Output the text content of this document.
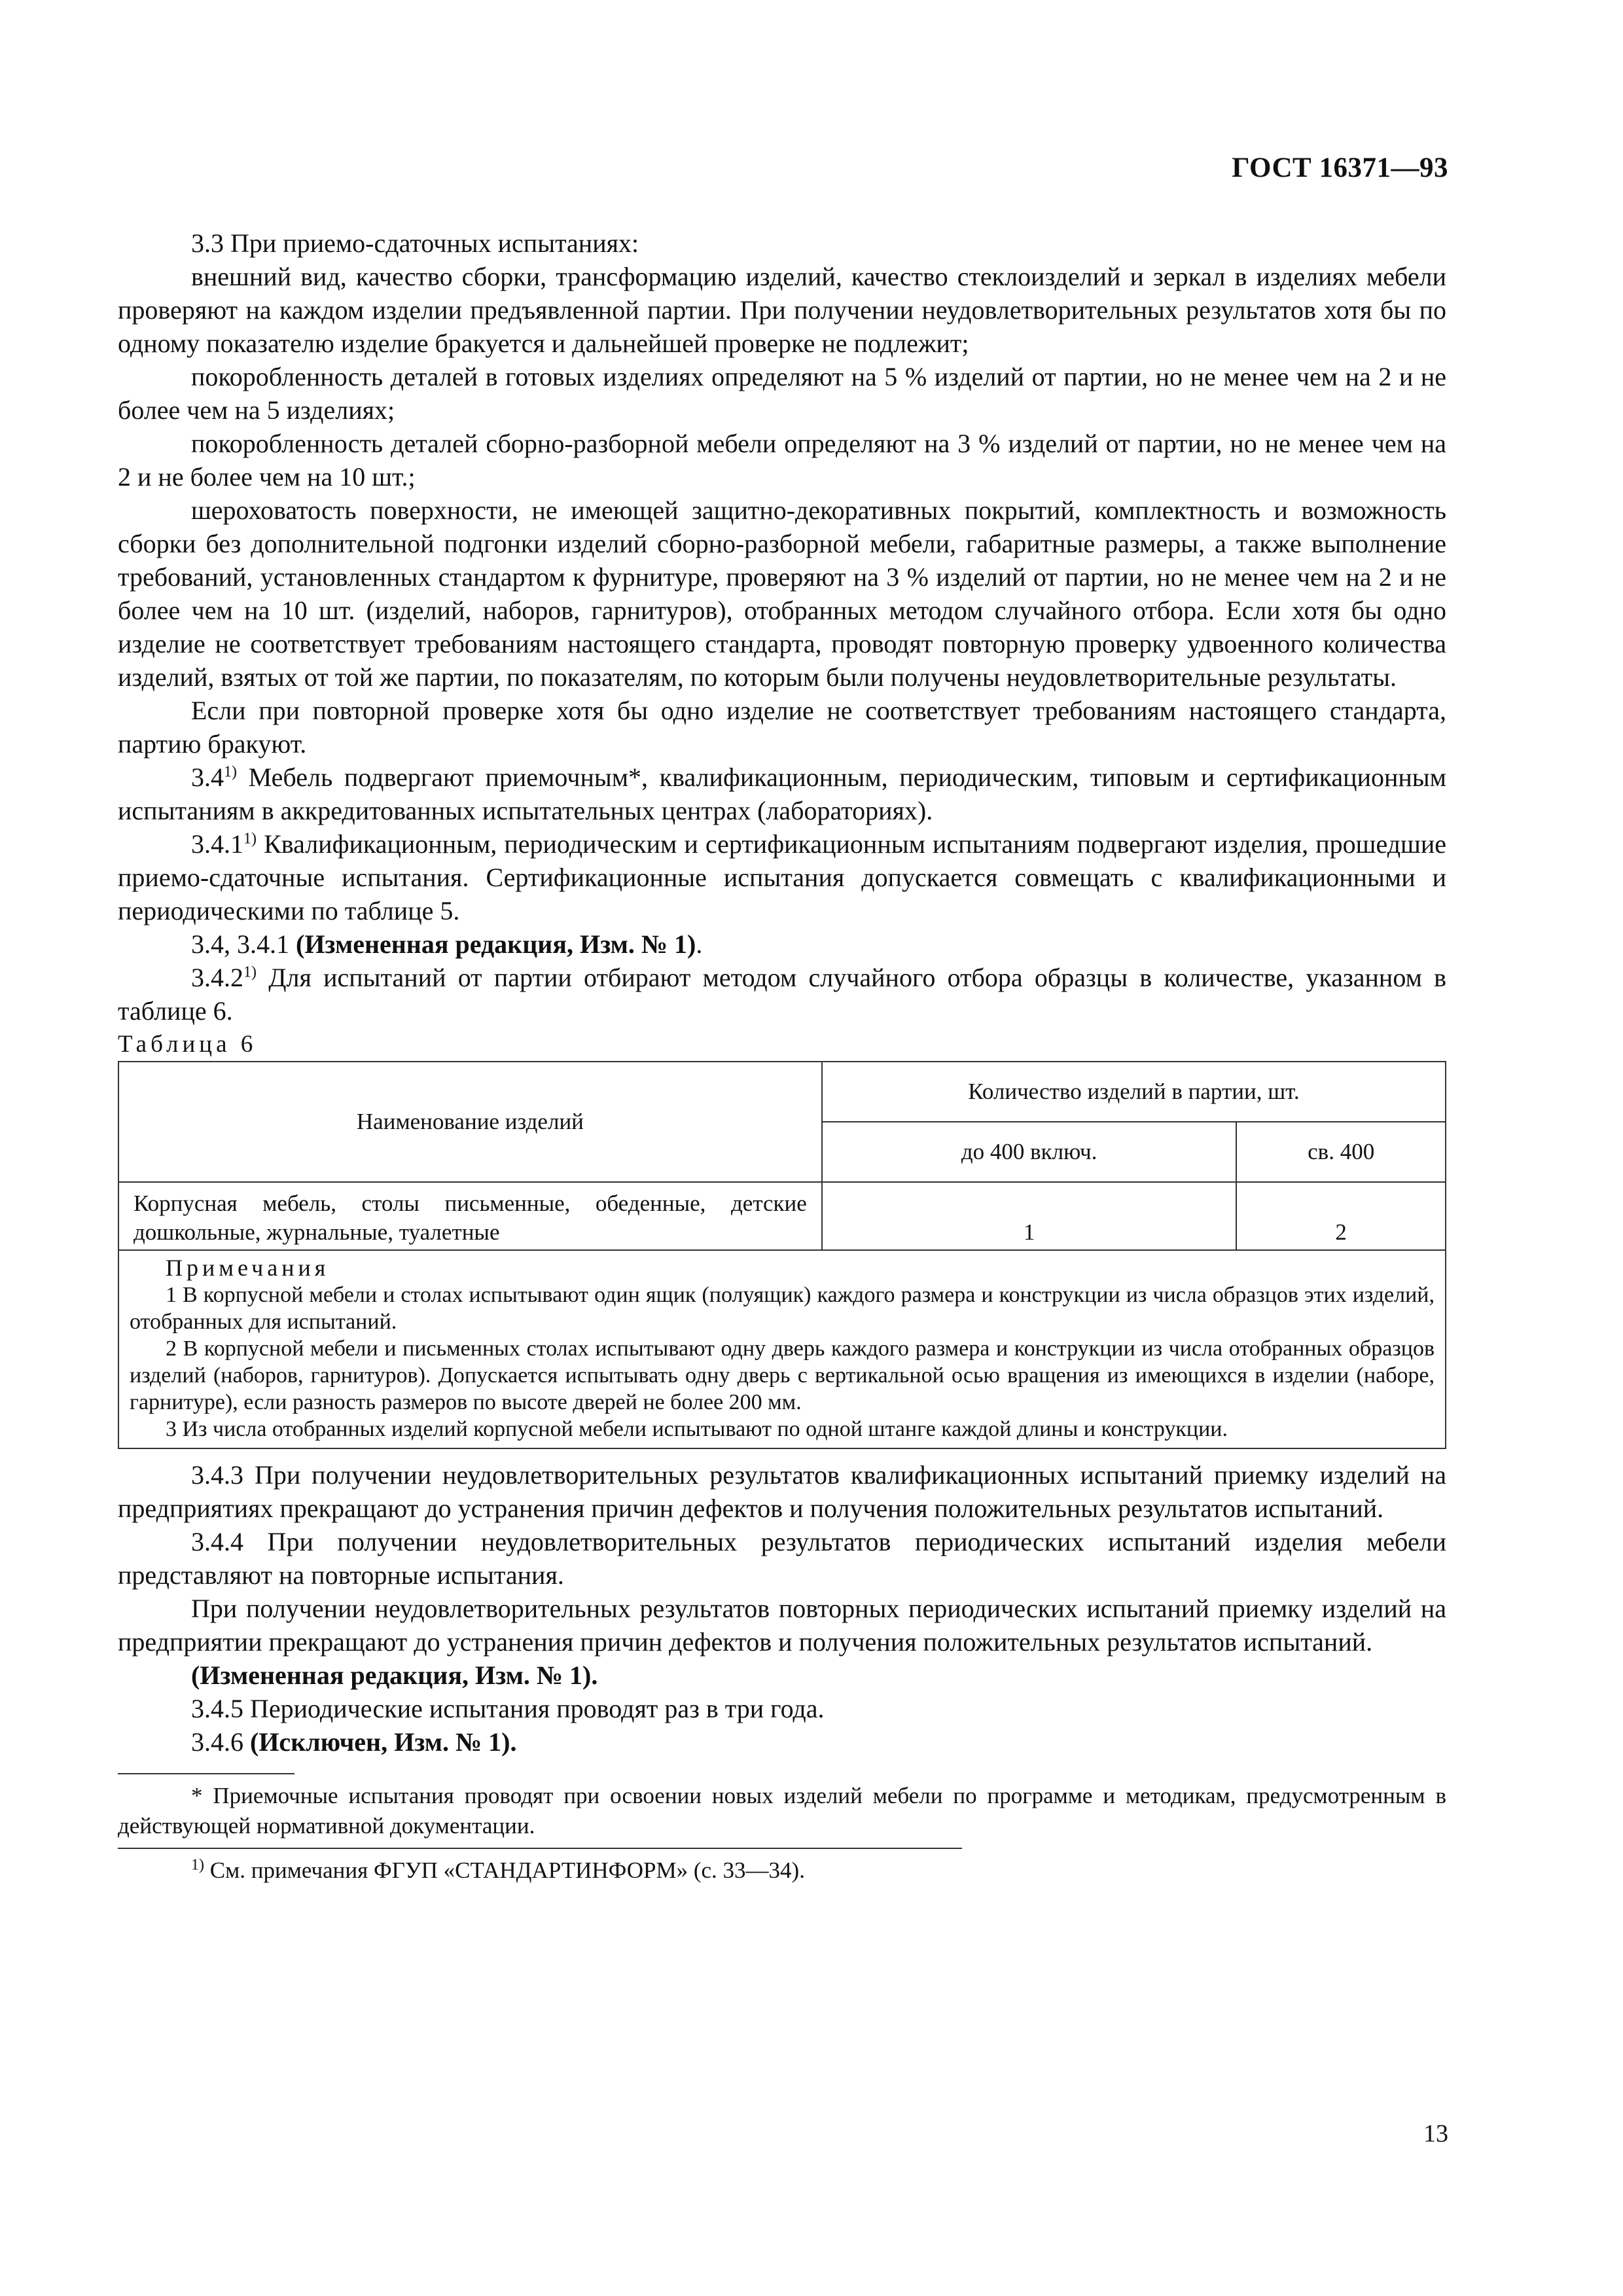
ГОСТ 16371—93

3.3 При приемо-сдаточных испытаниях:

внешний вид, качество сборки, трансформацию изделий, качество стеклоизделий и зеркал в изделиях мебели проверяют на каждом изделии предъявленной партии. При получении неудовлетворительных результатов хотя бы по одному показателю изделие бракуется и дальнейшей проверке не подлежит;

покоробленность деталей в готовых изделиях определяют на 5 % изделий от партии, но не менее чем на 2 и не более чем на 5 изделиях;

покоробленность деталей сборно-разборной мебели определяют на 3 % изделий от партии, но не менее чем на 2 и не более чем на 10 шт.;

шероховатость поверхности, не имеющей защитно-декоративных покрытий, комплектность и возможность сборки без дополнительной подгонки изделий сборно-разборной мебели, габаритные размеры, а также выполнение требований, установленных стандартом к фурнитуре, проверяют на 3 % изделий от партии, но не менее чем на 2 и не более чем на 10 шт. (изделий, наборов, гарнитуров), отобранных методом случайного отбора. Если хотя бы одно изделие не соответствует требованиям настоящего стандарта, проводят повторную проверку удвоенного количества изделий, взятых от той же партии, по показателям, по которым были получены неудовлетворительные результаты.

Если при повторной проверке хотя бы одно изделие не соответствует требованиям настоящего стандарта, партию бракуют.

3.4$^{1)}$ Мебель подвергают приемочным*, квалификационным, периодическим, типовым и сертификационным испытаниям в аккредитованных испытательных центрах (лабораториях).

3.4.1$^{1)}$ Квалификационным, периодическим и сертификационным испытаниям подвергают изделия, прошедшие приемо-сдаточные испытания. Сертификационные испытания допускается совмещать с квалификационными и периодическими по таблице 5.

3.4, 3.4.1 (Измененная редакция, Изм. № 1).

3.4.2$^{1)}$ Для испытаний от партии отбирают методом случайного отбора образцы в количестве, указанном в таблице 6.

Таблица 6

Наименование изделий	Количество изделий в партии, шт.	
	до 400 включ.	св. 400
Корпусная мебель, столы письменные, обеденные, детские дошкольные, журнальные, туалетные	1	2

Примечания

1 В корпусной мебели и столах испытывают один ящик (полуящик) каждого размера и конструкции из числа образцов этих изделий, отобранных для испытаний.

2 В корпусной мебели и письменных столах испытывают одну дверь каждого размера и конструкции из числа отобранных образцов изделий (наборов, гарнитуров). Допускается испытывать одну дверь с вертикальной осью вращения из имеющихся в изделии (наборе, гарнитуре), если разность размеров по высоте дверей не более 200 мм.

3 Из числа отобранных изделий корпусной мебели испытывают по одной штанге каждой длины и конструкции.		

3.4.3 При получении неудовлетворительных результатов квалификационных испытаний приемку изделий на предприятиях прекращают до устранения причин дефектов и получения положительных результатов испытаний.

3.4.4 При получении неудовлетворительных результатов периодических испытаний изделия мебели представляют на повторные испытания.

При получении неудовлетворительных результатов повторных периодических испытаний приемку изделий на предприятии прекращают до устранения причин дефектов и получения положительных результатов испытаний.

(Измененная редакция, Изм. № 1).

3.4.5 Периодические испытания проводят раз в три года.

3.4.6 (Исключен, Изм. № 1).

* Приемочные испытания проводят при освоении новых изделий мебели по программе и методикам, предусмотренным в действующей нормативной документации.

$^{1)}$ См. примечания ФГУП «СТАНДАРТИНФОРМ» (с. 33—34).

13
